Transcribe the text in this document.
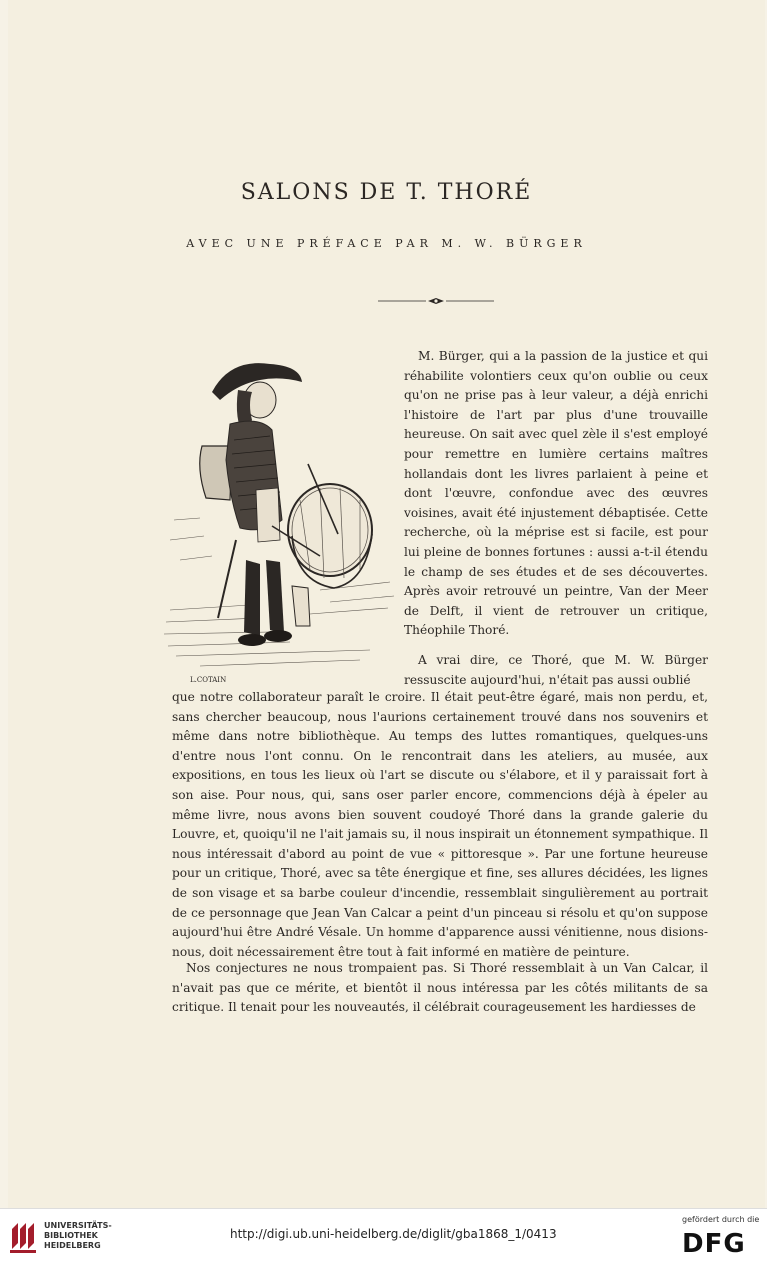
SALONS DE T. THORÉ
AVEC UNE PRÉFACE PAR M. W. BÜRGER
L.COTAIN

M. Bürger, qui a la passion de la justice et qui réhabilite volontiers ceux qu'on oublie ou ceux qu'on ne prise pas à leur valeur, a déjà enrichi l'histoire de l'art par plus d'une trouvaille heureuse. On sait avec quel zèle il s'est employé pour remettre en lumière certains maîtres hollandais dont les livres parlaient à peine et dont l'œuvre, confondue avec des œuvres voisines, avait été injustement débaptisée. Cette recherche, où la méprise est si facile, est pour lui pleine de bonnes fortunes : aussi a-t-il étendu le champ de ses études et de ses découvertes. Après avoir retrouvé un peintre, Van der Meer de Delft, il vient de retrouver un critique, Théophile Thoré.

A vrai dire, ce Thoré, que M. W. Bürger ressuscite aujourd'hui, n'était pas aussi oublié

que notre collaborateur paraît le croire. Il était peut-être égaré, mais non perdu, et, sans chercher beaucoup, nous l'aurions certainement trouvé dans nos souvenirs et même dans notre bibliothèque. Au temps des luttes romantiques, quelques-uns d'entre nous l'ont connu. On le rencontrait dans les ateliers, au musée, aux expositions, en tous les lieux où l'art se discute ou s'élabore, et il y paraissait fort à son aise. Pour nous, qui, sans oser parler encore, commencions déjà à épeler au même livre, nous avons bien souvent coudoyé Thoré dans la grande galerie du Louvre, et, quoiqu'il ne l'ait jamais su, il nous inspirait un étonnement sympathique. Il nous intéressait d'abord au point de vue « pittoresque ». Par une fortune heureuse pour un critique, Thoré, avec sa tête énergique et fine, ses allures décidées, les lignes de son visage et sa barbe couleur d'incendie, ressemblait singulièrement au portrait de ce personnage que Jean Van Calcar a peint d'un pinceau si résolu et qu'on suppose aujourd'hui être André Vésale. Un homme d'apparence aussi vénitienne, nous disions-nous, doit nécessairement être tout à fait informé en matière de peinture.

Nos conjectures ne nous trompaient pas. Si Thoré ressemblait à un Van Calcar, il n'avait pas que ce mérite, et bientôt il nous intéressa par les côtés militants de sa critique. Il tenait pour les nouveautés, il célébrait courageusement les hardiesses de

UNIVERSITÄTS-
BIBLIOTHEK
HEIDELBERG
http://digi.ub.uni-heidelberg.de/diglit/gba1868_1/0413
gefördert durch die
DFG
